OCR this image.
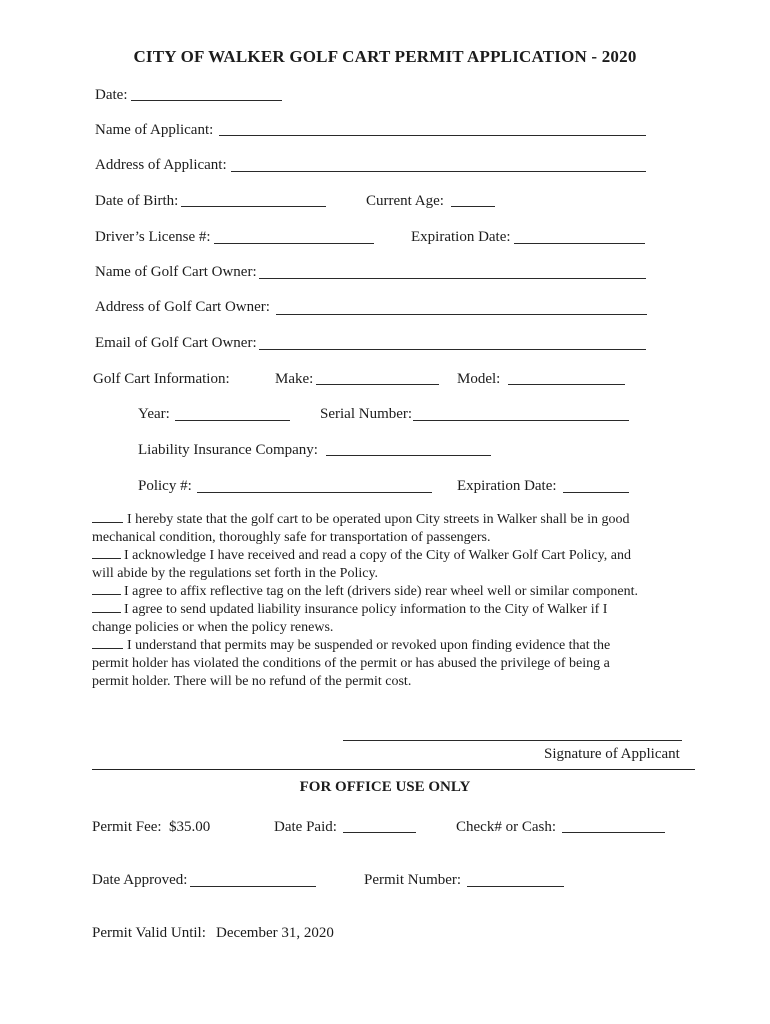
CITY OF WALKER GOLF CART PERMIT APPLICATION - 2020
Date:
Name of Applicant:
Address of Applicant:
Date of Birth:	Current Age:
Driver’s License #:	Expiration Date:
Name of Golf Cart Owner:
Address of Golf Cart Owner:
Email of Golf Cart Owner:
Golf Cart Information:	Make:	Model:
Year:	Serial Number:
Liability Insurance Company:
Policy #:	Expiration Date:
I hereby state that the golf cart to be operated upon City streets in Walker shall be in good
mechanical condition, thoroughly safe for transportation of passengers.
I acknowledge I have received and read a copy of the City of Walker Golf Cart Policy, and
will abide by the regulations set forth in the Policy.
I agree to affix reflective tag on the left (drivers side) rear wheel well or similar component.
I agree to send updated liability insurance policy information to the City of Walker if I
change policies or when the policy renews.
I understand that permits may be suspended or revoked upon finding evidence that the
permit holder has violated the conditions of the permit or has abused the privilege of being a
permit holder. There will be no refund of the permit cost.
Signature of Applicant
FOR OFFICE USE ONLY
Permit Fee: $35.00	Date Paid:	Check# or Cash:
Date Approved:	Permit Number:
Permit Valid Until: December 31, 2020
